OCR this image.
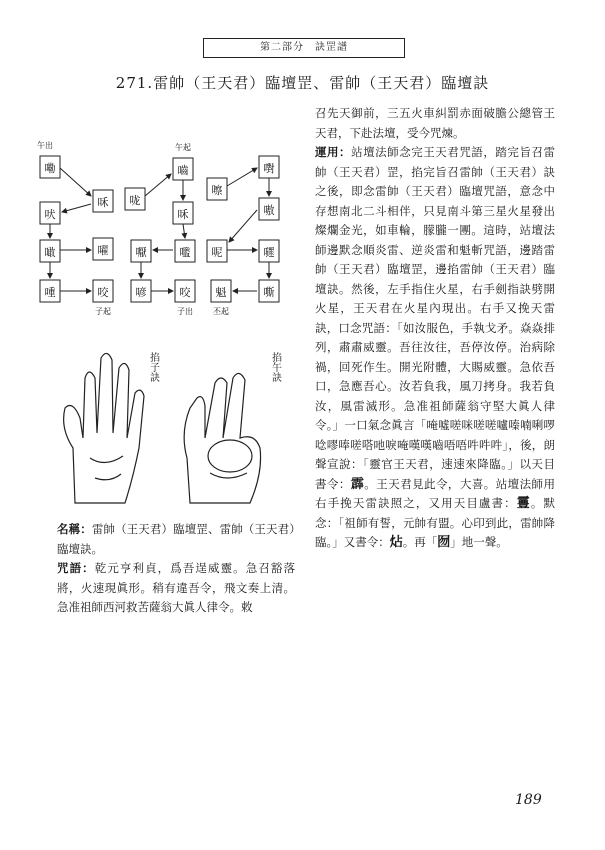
第二部分　訣罡譜
271.雷帥（王天君）臨壇罡、雷帥（王天君）臨壇訣
嘞
咊
吠
噉	嚁
喠	咬
咙
嚙
咊
嚈	嚂
喭	咬
嚉
嚓
嗷
呢	嚃
魁	嘶
午出	午起
子起	子出	丕起
掐子訣	掐午訣

名稱：雷帥（王天君）臨壇罡、雷帥（王天君）臨壇訣。

咒語：乾元亨利貞，爲吾逞威靈。急召豁落將，火速現眞形。稍有違吾令，飛文奏上清。急准祖師西河救苦薩翁大眞人律令。敕

召先天御前，三五火車糾罰赤面破膽公總管王天君，下赴法壇，受今咒煉。

運用：站壇法師念完王天君咒語，踏完旨召雷帥（王天君）罡，掐完旨召雷帥（王天君）訣之後，即念雷帥（王天君）臨壇咒語，意念中存想南北二斗相伴，只見南斗第三星火星發出燦爛金光，如車輪，朦朧一團。這時，站壇法師邊默念順炎雷、逆炎雷和魁斬咒語，邊踏雷帥（王天君）臨壇罡，邊掐雷帥（王天君）臨壇訣。然後，左手指住火星，右手劍指訣劈開火星，王天君在火星內現出。右手又挽天雷訣，口念咒語：「如汝服色，手執戈矛。焱焱排列，肅肅威靈。吾往汝往，吾停汝停。治病除禍，回死作生。開光附體，大賜威靈。急依吾口，急應吾心。汝若負我，風刀拷身。我若負汝，風雷滅形。急准祖師薩翁守堅大眞人律令。」一口氣念眞言「唵噓嗟咪嗟嗟嚧嗪喃唎啰唸嘐唪嗟嗒吔唳唵嘆嘆嚙唔唔吽吽吽」，後，朗聲宣說：「靈官王天君，速速來降臨。」以天目書令：霹。王天君見此令，大喜。站壇法師用右手挽天雷訣照之，又用天目盧書：霻。默念：「祖師有誓，元帥有盟。心印到此，雷帥降臨。」又書令：炶。再「囫」地一聲。

189
